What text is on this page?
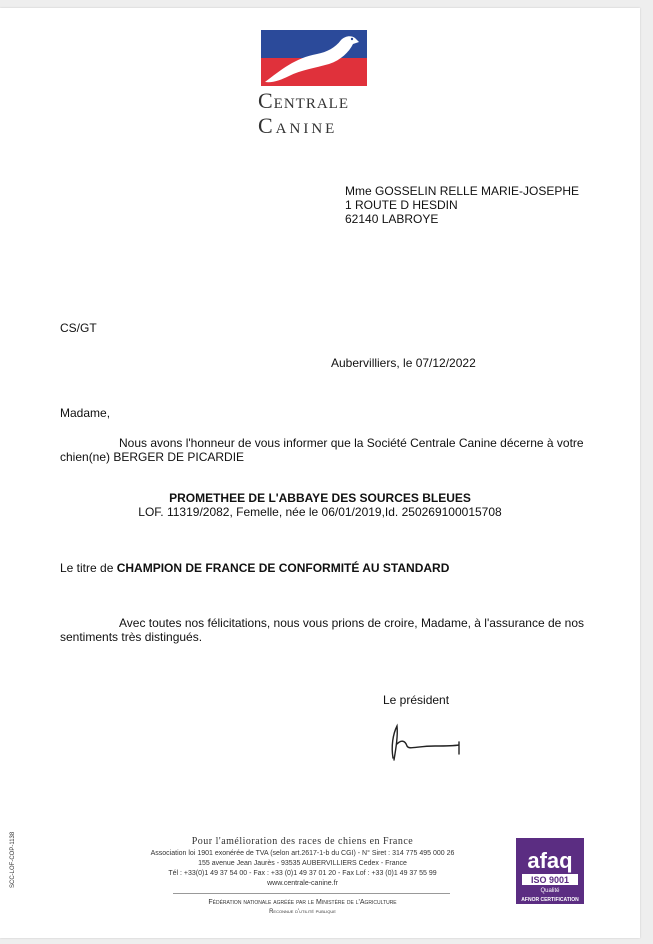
Centrale
Canine
Mme GOSSELIN RELLE MARIE-JOSEPHE
1 ROUTE D HESDIN
62140 LABROYE
CS/GT
Aubervilliers, le 07/12/2022
Madame,
Nous avons l'honneur de vous informer que la Société Centrale Canine décerne à votre
chien(ne) BERGER DE PICARDIE
PROMETHEE DE L'ABBAYE DES SOURCES BLEUES
LOF. 11319/2082, Femelle, née le 06/01/2019,Id. 250269100015708
Le titre de CHAMPION DE FRANCE DE CONFORMITÉ AU STANDARD
Avec toutes nos félicitations, nous vous prions de croire, Madame, à l'assurance de nos
sentiments très distingués.
Le président
Pour l'amélioration des races de chiens en France
Association loi 1901 exonérée de TVA (selon art.2617-1-b du CGI) - N° Siret : 314 775 495 000 26
155 avenue Jean Jaurès - 93535 AUBERVILLIERS Cedex - France
Tél : +33(0)1 49 37 54 00 - Fax : +33 (0)1 49 37 01 20 - Fax Lof : +33 (0)1 49 37 55 99
www.centrale-canine.fr
Fédération nationale agréée par le Ministère de l'Agriculture
Reconnue d'utilité publique
SCC-LOF-COP-1138	afaq
ISO 9001
Qualité
AFNOR CERTIFICATION
